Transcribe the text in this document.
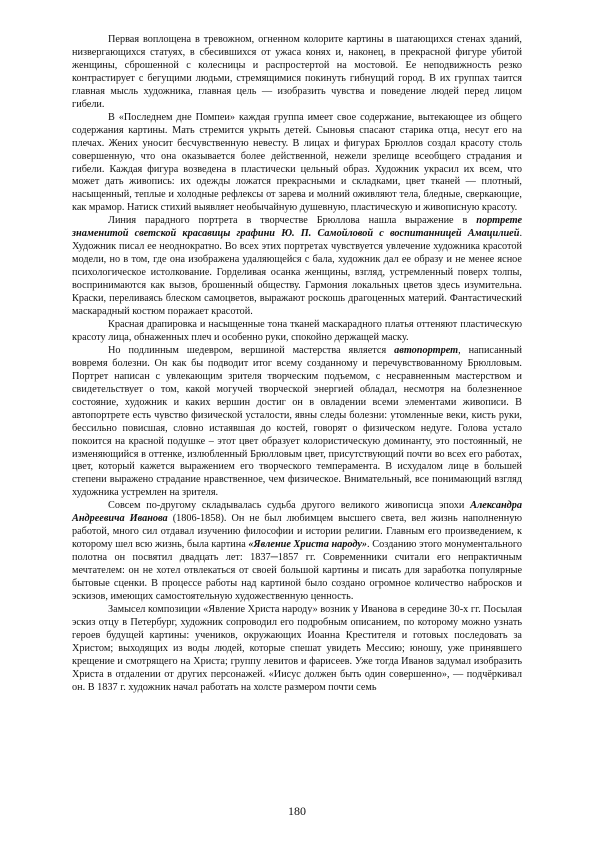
Первая воплощена в тревожном, огненном колорите картины в шатающихся стенах зданий, низвергающихся статуях, в сбесившихся от ужаса конях и, наконец, в прекрасной фигуре убитой женщины, сброшенной с колесницы и распростертой на мостовой. Ее неподвижность резко контрастирует с бегущими людьми, стремящимися покинуть гибнущий город. В их группах таится главная мысль художника, главная цель — изобразить чувства и поведение людей перед лицом гибели.

В «Последнем дне Помпеи» каждая группа имеет свое содержание, вытекающее из общего содержания картины. Мать стремится укрыть детей. Сыновья спасают старика отца, несут его на плечах. Жених уносит бесчувственную невесту. В лицах и фигурах Брюллов создал красоту столь совершенную, что она оказывается более действенной, нежели зрелище всеобщего страдания и гибели. Каждая фигура возведена в пластически цельный образ. Художник украсил их всем, что может дать живопись: их одежды ложатся прекрасными и складками, цвет тканей — плотный, насыщенный, теплые и холодные рефлексы от зарева и молний оживляют тела, бледные, сверкающие, как мрамор. Натиск стихий выявляет необычайную душевную, пластическую и живописную красоту.

Линия парадного портрета в творчестве Брюллова нашла выражение в портрете знаменитой светской красавицы графини Ю. П. Самойловой с воспитанницей Амацилией. Художник писал ее неоднократно. Во всех этих портретах чувствуется увлечение художника красотой модели, но в том, где она изображена удаляющейся с бала, художник дал ее образу и не менее ясное психологическое истолкование. Горделивая осанка женщины, взгляд, устремленный поверх толпы, воспринимаются как вызов, брошенный обществу. Гармония локальных цветов здесь изумительна. Краски, переливаясь блеском самоцветов, выражают роскошь драгоценных материй. Фантастический маскарадный костюм поражает красотой.

Красная драпировка и насыщенные тона тканей маскарадного платья оттеняют пластическую красоту лица, обнаженных плеч и особенно руки, спокойно держащей маску.

Но подлинным шедевром, вершиной мастерства является автопортрет, написанный вовремя болезни. Он как бы подводит итог всему созданному и перечувствованному Брюлловым. Портрет написан с увлекающим зрителя творческим подъемом, с несравненным мастерством и свидетельствует о том, какой могучей творческой энергией обладал, несмотря на болезненное состояние, художник и каких вершин достиг он в овладении всеми элементами живописи. В автопортрете есть чувство физической усталости, явны следы болезни: утомленные веки, кисть руки, бессильно повисшая, словно истаявшая до костей, говорят о физическом недуге. Голова устало покоится на красной подушке – этот цвет образует колористическую доминанту, это постоянный, не изменяющийся в оттенке, излюбленный Брюлловым цвет, присутствующий почти во всех его работах, цвет, который кажется выражением его творческого темперамента. В исхудалом лице в большей степени выражено страдание нравственное, чем физическое. Внимательный, все понимающий взгляд художника устремлен на зрителя.

Совсем по-другому складывалась судьба другого великого живописца эпохи Александра Андреевича Иванова (1806-1858). Он не был любимцем высшего света, вел жизнь наполненную работой, много сил отдавал изучению философии и истории религии. Главным его произведением, к которому шел всю жизнь, была картина «Явление Христа народу». Созданию этого монументального полотна он посвятил двадцать лет: 1837─1857 гг. Современники считали его непрактичным мечтателем: он не хотел отвлекаться от своей большой картины и писать для заработка популярные бытовые сценки. В процессе работы над картиной было создано огромное количество набросков и эскизов, имеющих самостоятельную художественную ценность.

Замысел композиции «Явление Христа народу» возник у Иванова в середине 30-х гг. Посылая эскиз отцу в Петербург, художник сопроводил его подробным описанием, по которому можно узнать героев будущей картины: учеников, окружающих Иоанна Крестителя и готовых последовать за Христом; выходящих из воды людей, которые спешат увидеть Мессию; юношу, уже принявшего крещение и смотрящего на Христа; группу левитов и фарисеев. Уже тогда Иванов задумал изобразить Христа в отдалении от других персонажей. «Иисус должен быть один совершенно», — подчёркивал он. В 1837 г. художник начал работать на холсте размером почти семь

180
